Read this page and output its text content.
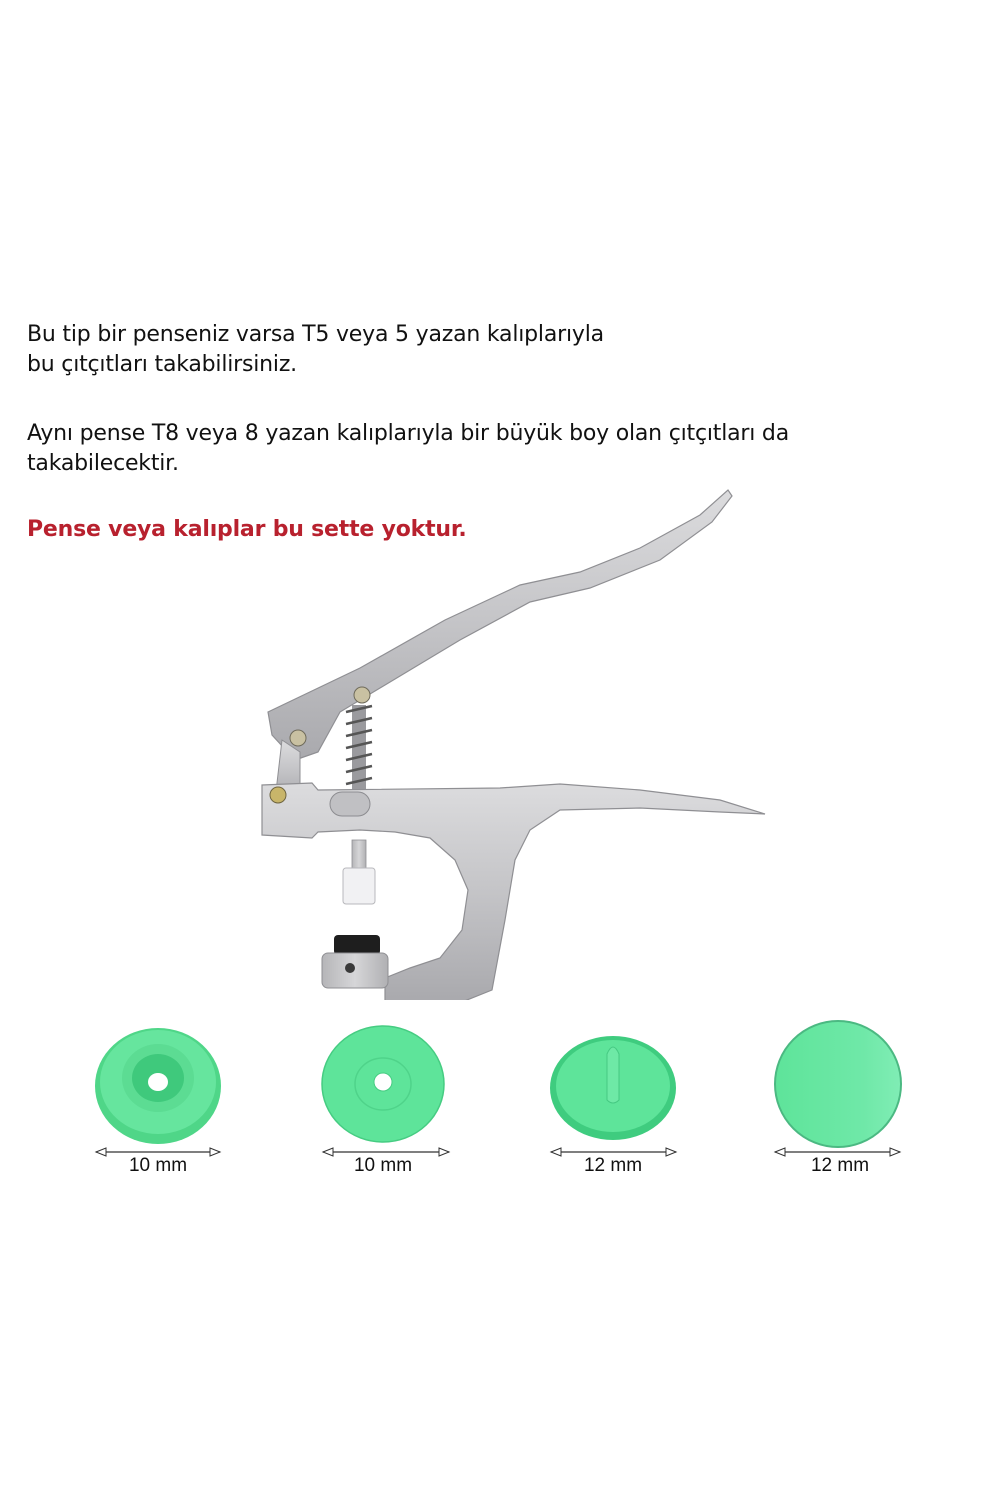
Bu tip bir penseniz varsa T5 veya 5 yazan kalıplarıyla

bu çıtçıtları takabilirsiniz.

Aynı pense T8 veya 8 yazan kalıplarıyla bir büyük boy olan çıtçıtları da

takabilecektir.

Pense veya kalıplar bu sette yoktur.
10 mm	10 mm	12 mm	12 mm
